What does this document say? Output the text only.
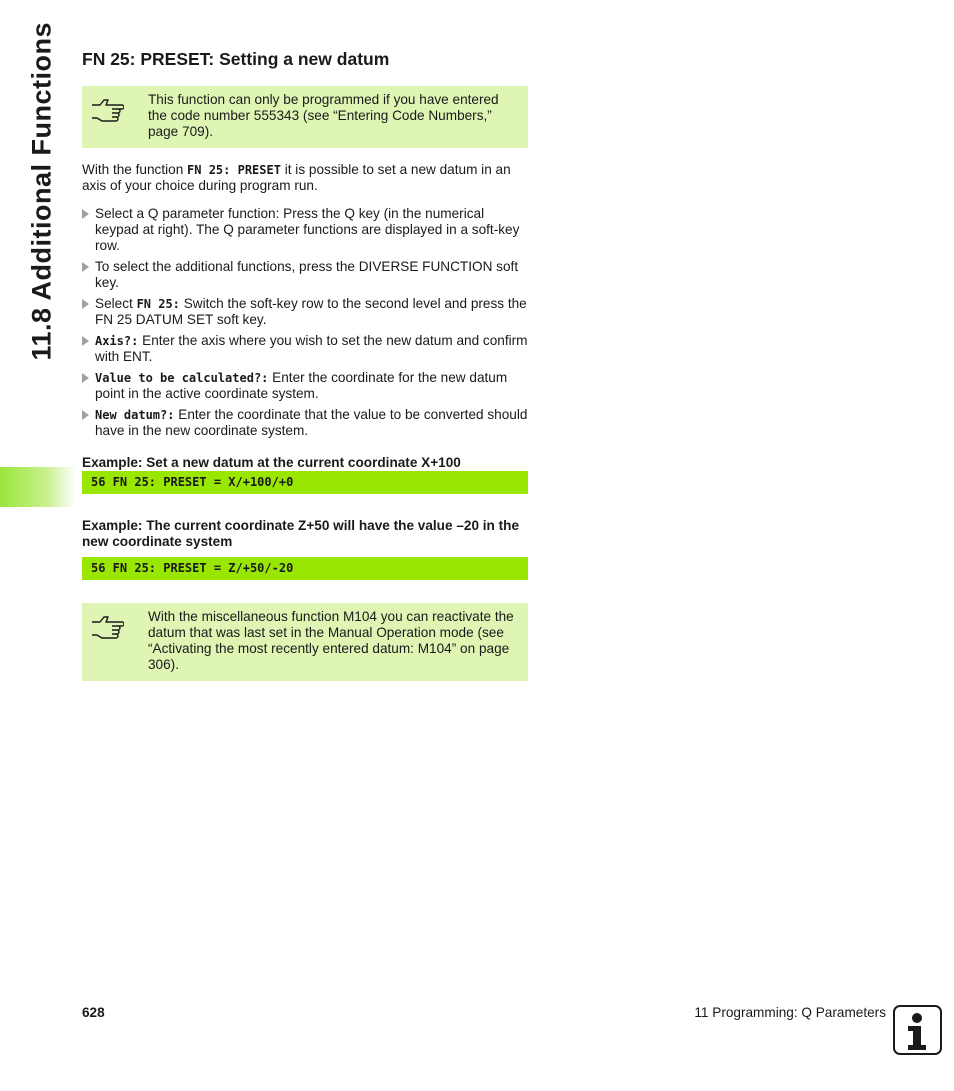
11.8 Additional Functions FN 25: PRESET: Setting a new datum
This function can only be programmed if you have entered the code number 555343 (see “Entering Code Numbers,” page 709).

With the function FN 25: PRESET it is possible to set a new datum in an axis of your choice during program run.

Select a Q parameter function: Press the Q key (in the numerical keypad at right). The Q parameter functions are displayed in a soft-key row.
To select the additional functions, press the DIVERSE FUNCTION soft key.
Select FN 25: Switch the soft-key row to the second level and press the FN 25 DATUM SET soft key.
Axis?: Enter the axis where you wish to set the new datum and confirm with ENT.
Value to be calculated?: Enter the coordinate for the new datum point in the active coordinate system.
New datum?: Enter the coordinate that the value to be converted should have in the new coordinate system.
Example: Set a new datum at the current coordinate X+100
56 FN 25: PRESET = X/+100/+0
Example: The current coordinate Z+50 will have the value –20 in the new coordinate system
56 FN 25: PRESET = Z/+50/-20
With the miscellaneous function M104 you can reactivate the datum that was last set in the Manual Operation mode (see “Activating the most recently entered datum: M104” on page 306).
628	11 Programming: Q Parameters
